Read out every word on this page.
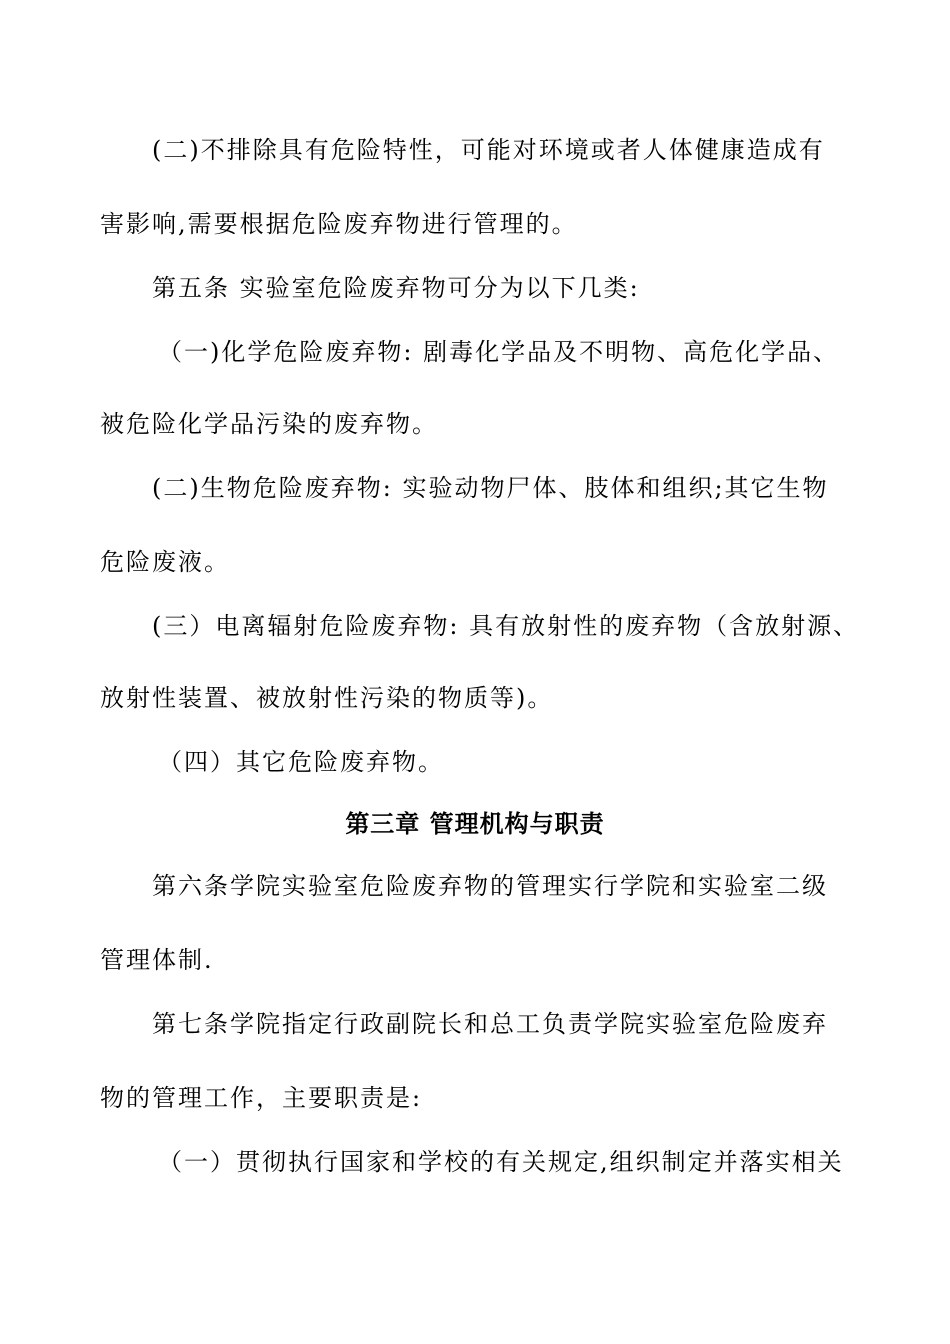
(二)不排除具有危险特性，可能对环境或者人体健康造成有
害影响,需要根据危险废弃物进行管理的。
第五条 实验室危险废弃物可分为以下几类:
（一)化学危险废弃物: 剧毒化学品及不明物、高危化学品、
被危险化学品污染的废弃物。
(二)生物危险废弃物: 实验动物尸体、肢体和组织;其它生物
危险废液。
(三）电离辐射危险废弃物: 具有放射性的废弃物（含放射源、
放射性装置、被放射性污染的物质等)。
（四）其它危险废弃物。
第三章 管理机构与职责
第六条学院实验室危险废弃物的管理实行学院和实验室二级
管理体制.
第七条学院指定行政副院长和总工负责学院实验室危险废弃
物的管理工作，主要职责是:
（一）贯彻执行国家和学校的有关规定,组织制定并落实相关
